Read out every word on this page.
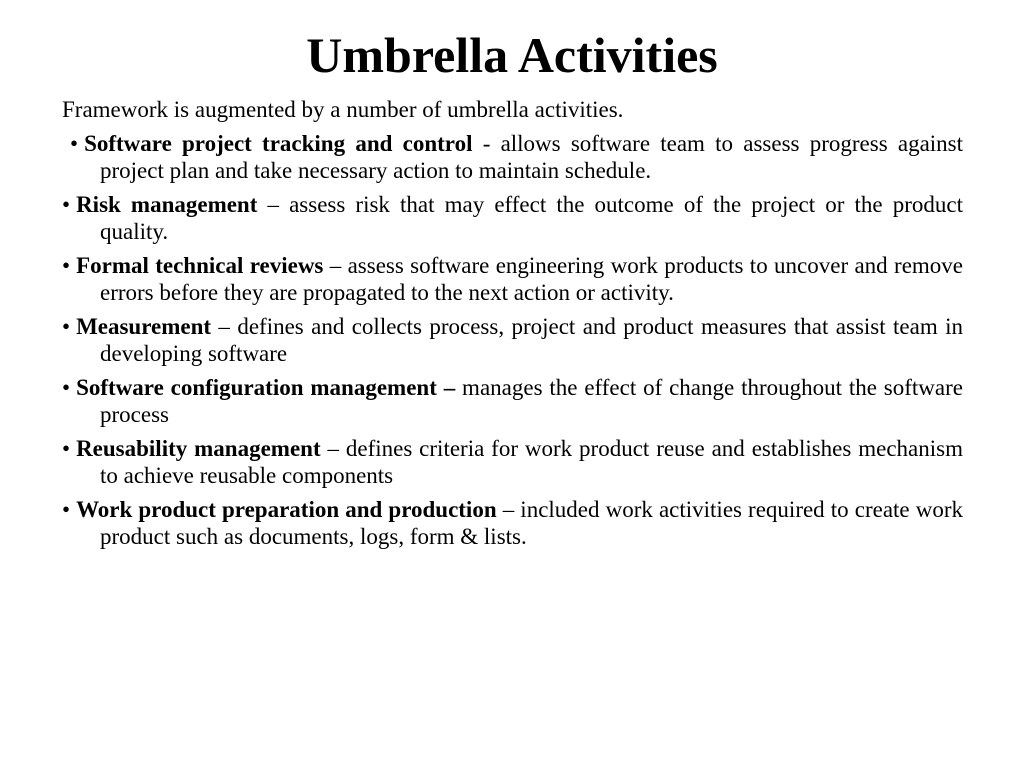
Umbrella Activities

Framework is augmented by a number of umbrella activities.

• Software project tracking and control - allows software team to assess progress against project plan and take necessary action to maintain schedule.
• Risk management – assess risk that may effect the outcome of the project or the product quality.
• Formal technical reviews – assess software engineering work products to uncover and remove errors before they are propagated to the next action or activity.
• Measurement – defines and collects process, project and product measures that assist team in developing software
• Software configuration management – manages the effect of change throughout the software process
• Reusability management – defines criteria for work product reuse and establishes mechanism to achieve reusable components
• Work product preparation and production – included work activities required to create work product such as documents, logs, form & lists.
